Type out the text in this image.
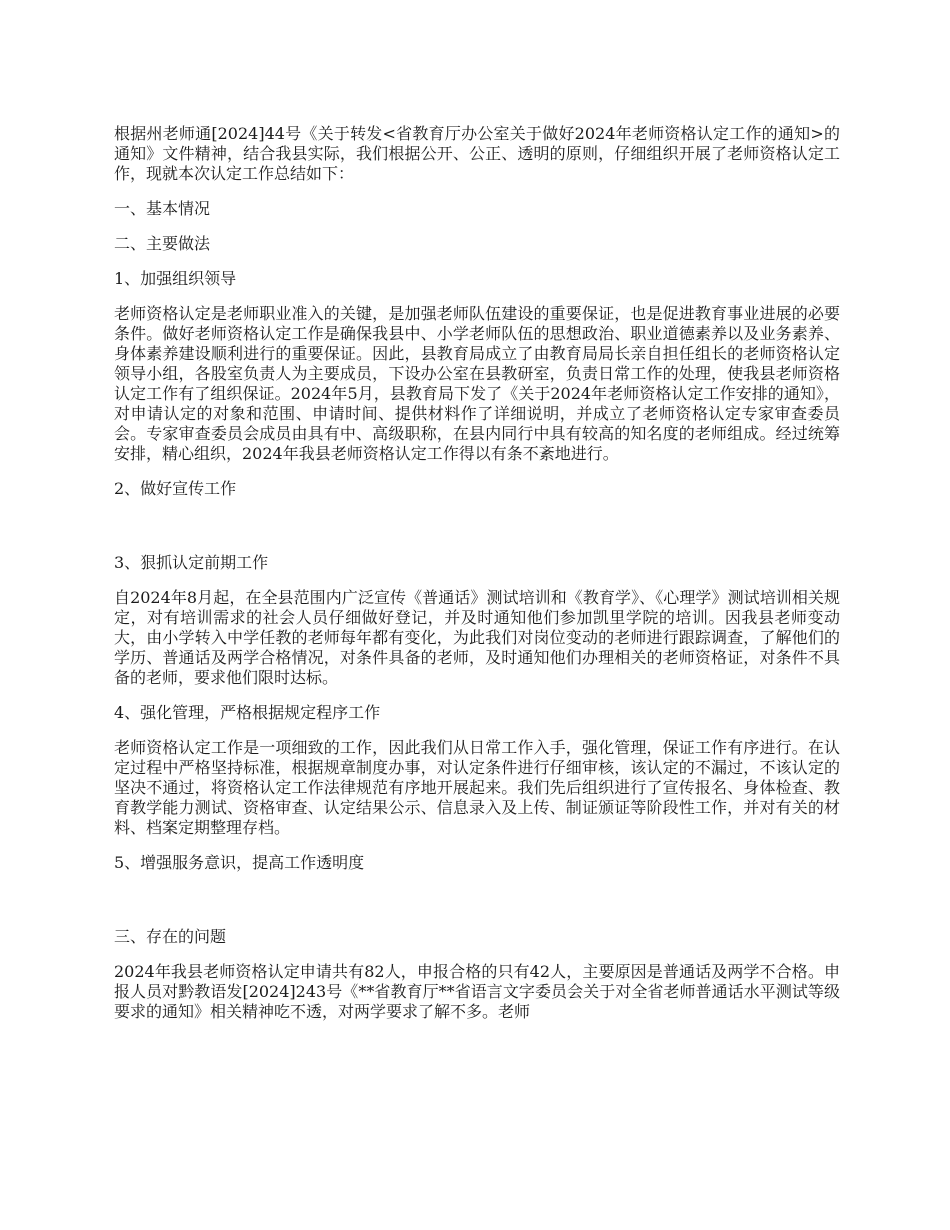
根据州老师通[2024]44号《关于转发<省教育厅办公室关于做好2024年老师资格认定工作的通知>的通知》文件精神，结合我县实际，我们根据公开、公正、透明的原则，仔细组织开展了老师资格认定工作，现就本次认定工作总结如下：

一、基本情况

二、主要做法

1、加强组织领导

老师资格认定是老师职业准入的关键，是加强老师队伍建设的重要保证，也是促进教育事业进展的必要条件。做好老师资格认定工作是确保我县中、小学老师队伍的思想政治、职业道德素养以及业务素养、身体素养建设顺利进行的重要保证。因此，县教育局成立了由教育局局长亲自担任组长的老师资格认定领导小组，各股室负责人为主要成员，下设办公室在县教研室，负责日常工作的处理，使我县老师资格认定工作有了组织保证。2024年5月，县教育局下发了《关于2024年老师资格认定工作安排的通知》，对申请认定的对象和范围、申请时间、提供材料作了详细说明，并成立了老师资格认定专家审查委员会。专家审查委员会成员由具有中、高级职称，在县内同行中具有较高的知名度的老师组成。经过统筹安排，精心组织，2024年我县老师资格认定工作得以有条不紊地进行。

2、做好宣传工作

3、狠抓认定前期工作

自2024年8月起，在全县范围内广泛宣传《普通话》测试培训和《教育学》、《心理学》测试培训相关规定，对有培训需求的社会人员仔细做好登记，并及时通知他们参加凯里学院的培训。因我县老师变动大，由小学转入中学任教的老师每年都有变化，为此我们对岗位变动的老师进行跟踪调查，了解他们的学历、普通话及两学合格情况，对条件具备的老师，及时通知他们办理相关的老师资格证，对条件不具备的老师，要求他们限时达标。

4、强化管理，严格根据规定程序工作

老师资格认定工作是一项细致的工作，因此我们从日常工作入手，强化管理，保证工作有序进行。在认定过程中严格坚持标准，根据规章制度办事，对认定条件进行仔细审核，该认定的不漏过，不该认定的坚决不通过，将资格认定工作法律规范有序地开展起来。我们先后组织进行了宣传报名、身体检查、教育教学能力测试、资格审查、认定结果公示、信息录入及上传、制证颁证等阶段性工作，并对有关的材料、档案定期整理存档。

5、增强服务意识，提高工作透明度

三、存在的问题

2024年我县老师资格认定申请共有82人，申报合格的只有42人，主要原因是普通话及两学不合格。申报人员对黔教语发[2024]243号《**省教育厅**省语言文字委员会关于对全省老师普通话水平测试等级要求的通知》相关精神吃不透，对两学要求了解不多。老师
